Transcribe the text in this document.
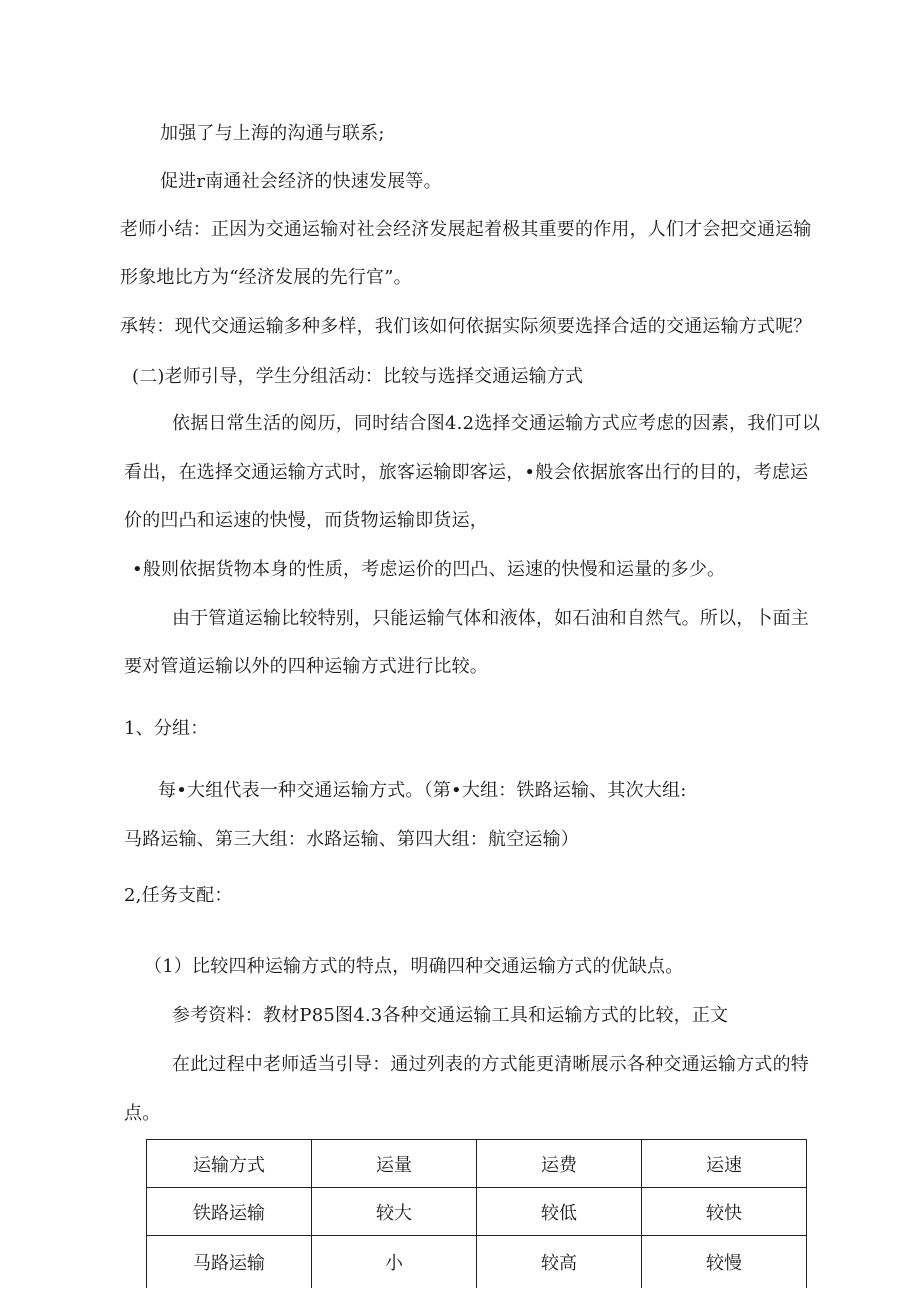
加强了与上海的沟通与联系;
促进r南通社会经济的快速发展等。
老师小结：正因为交通运输对社会经济发展起着极其重要的作用，人们才会把交通运输
形象地比方为“经济发展的先行官”。
承转：现代交通运输多种多样，我们该如何依据实际须要选择合适的交通运输方式呢？
(二)老师引导，学生分组活动：比较与选择交通运输方式
依据日常生活的阅历，同时结合图4.2选择交通运输方式应考虑的因素，我们可以
看出，在选择交通运输方式时，旅客运输即客运，•般会依据旅客出行的目的，考虑运
价的凹凸和运速的快慢，而货物运输即货运，
•般则依据货物本身的性质，考虑运价的凹凸、运速的快慢和运量的多少。
由于管道运输比较特别，只能运输气体和液体，如石油和自然气。所以，卜面主
要对管道运输以外的四种运输方式进行比较。
1、分组：
每•大组代表一种交通运输方式。（第•大组：铁路运输、其次大组:
马路运输、第三大组：水路运输、第四大组：航空运输）
2,任务支配：
（1）比较四种运输方式的特点，明确四种交通运输方式的优缺点。
参考资料：教材P85图4.3各种交通运输工具和运输方式的比较，正文
在此过程中老师适当引导：通过列表的方式能更清晰展示各种交通运输方式的特
点。
运输方式	运量	运费	运速
铁路运输	较大	较低	较快
马路运输	小	较高	较慢
